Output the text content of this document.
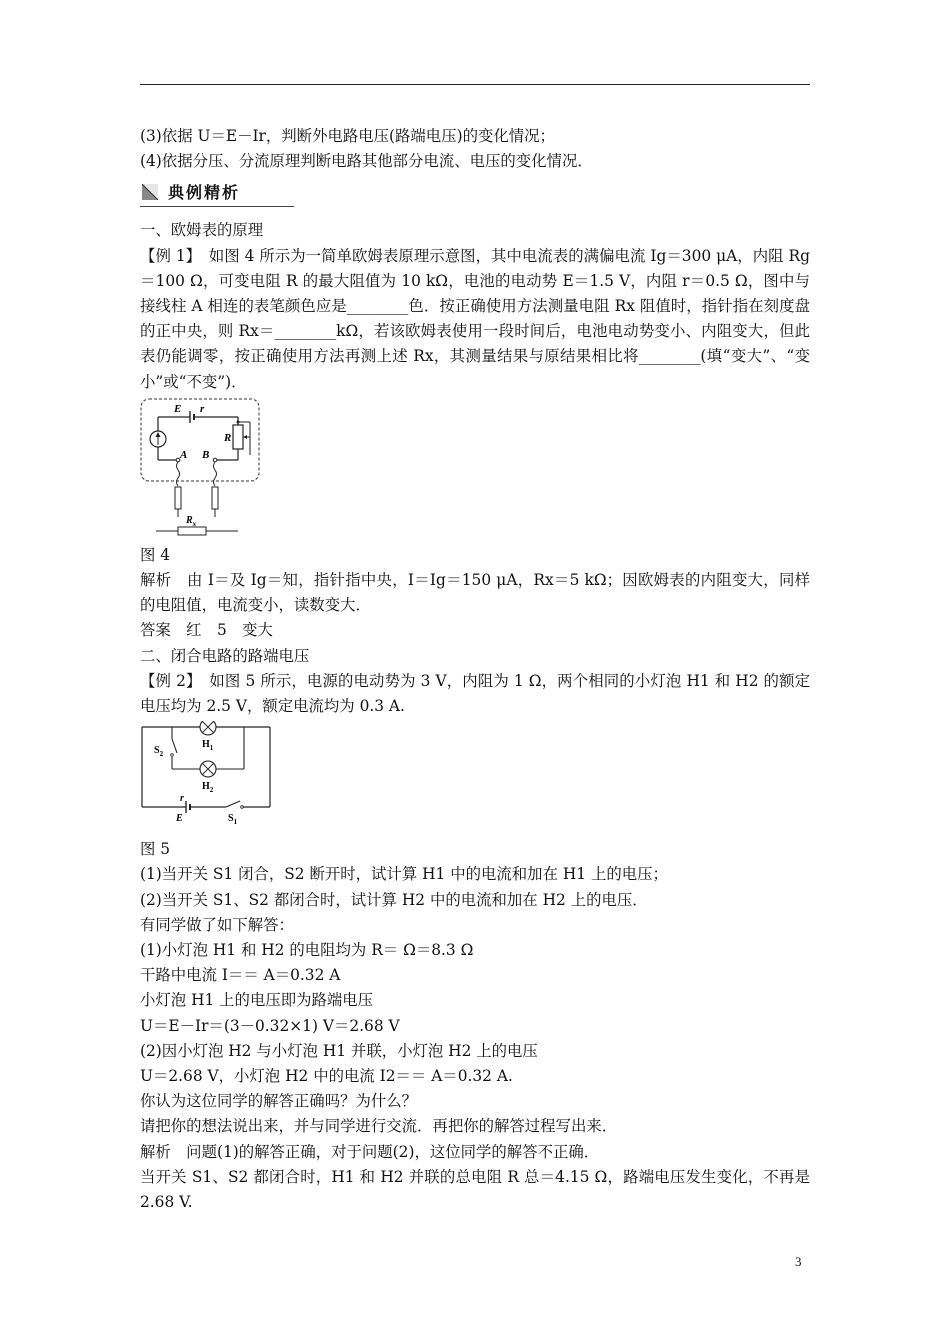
(3)依据 U＝E－Ir，判断外电路电压(路端电压)的变化情况；
(4)依据分压、分流原理判断电路其他部分电流、电压的变化情况．
典例精析
一、欧姆表的原理
【例 1】　如图 4 所示为一简单欧姆表原理示意图，其中电流表的满偏电流 Ig＝300 μA，内阻 Rg＝100 Ω，可变电阻 R 的最大阻值为 10 kΩ，电池的电动势 E＝1.5 V，内阻 r＝0.5 Ω，图中与接线柱 A 相连的表笔颜色应是________色．按正确使用方法测量电阻 Rx 阻值时，指针指在刻度盘的正中央，则 Rx＝________kΩ，若该欧姆表使用一段时间后，电池电动势变小、内阻变大，但此表仍能调零，按正确使用方法再测上述 Rx，其测量结果与原结果相比将________(填“变大”、“变小”或“不变”)．
E r
R
A B
$R_x$
图 4
解析　由 I＝及 Ig＝知，指针指中央，I＝Ig＝150 μA，Rx＝5 kΩ；因欧姆表的内阻变大，同样的电阻值，电流变小，读数变大．
答案　红　5　变大
二、闭合电路的路端电压
【例 2】　如图 5 所示，电源的电动势为 3 V，内阻为 1 Ω，两个相同的小灯泡 H1 和 H2 的额定电压均为 2.5 V，额定电流均为 0.3 A.
$H_1$
$H_2$
$S_2$
$S_1$
r
E
图 5
(1)当开关 S1 闭合，S2 断开时，试计算 H1 中的电流和加在 H1 上的电压；
(2)当开关 S1、S2 都闭合时，试计算 H2 中的电流和加在 H2 上的电压．
有同学做了如下解答：
(1)小灯泡 H1 和 H2 的电阻均为 R＝ Ω＝8.3 Ω
干路中电流 I＝＝ A＝0.32 A
小灯泡 H1 上的电压即为路端电压
U＝E－Ir＝(3－0.32×1) V＝2.68 V
(2)因小灯泡 H2 与小灯泡 H1 并联，小灯泡 H2 上的电压
U＝2.68 V，小灯泡 H2 中的电流 I2＝＝ A＝0.32 A.
你认为这位同学的解答正确吗？为什么？
请把你的想法说出来，并与同学进行交流．再把你的解答过程写出来．
解析　问题(1)的解答正确，对于问题(2)，这位同学的解答不正确．
当开关 S1、S2 都闭合时，H1 和 H2 并联的总电阻 R 总＝4.15 Ω，路端电压发生变化，不再是 2.68 V.
3
